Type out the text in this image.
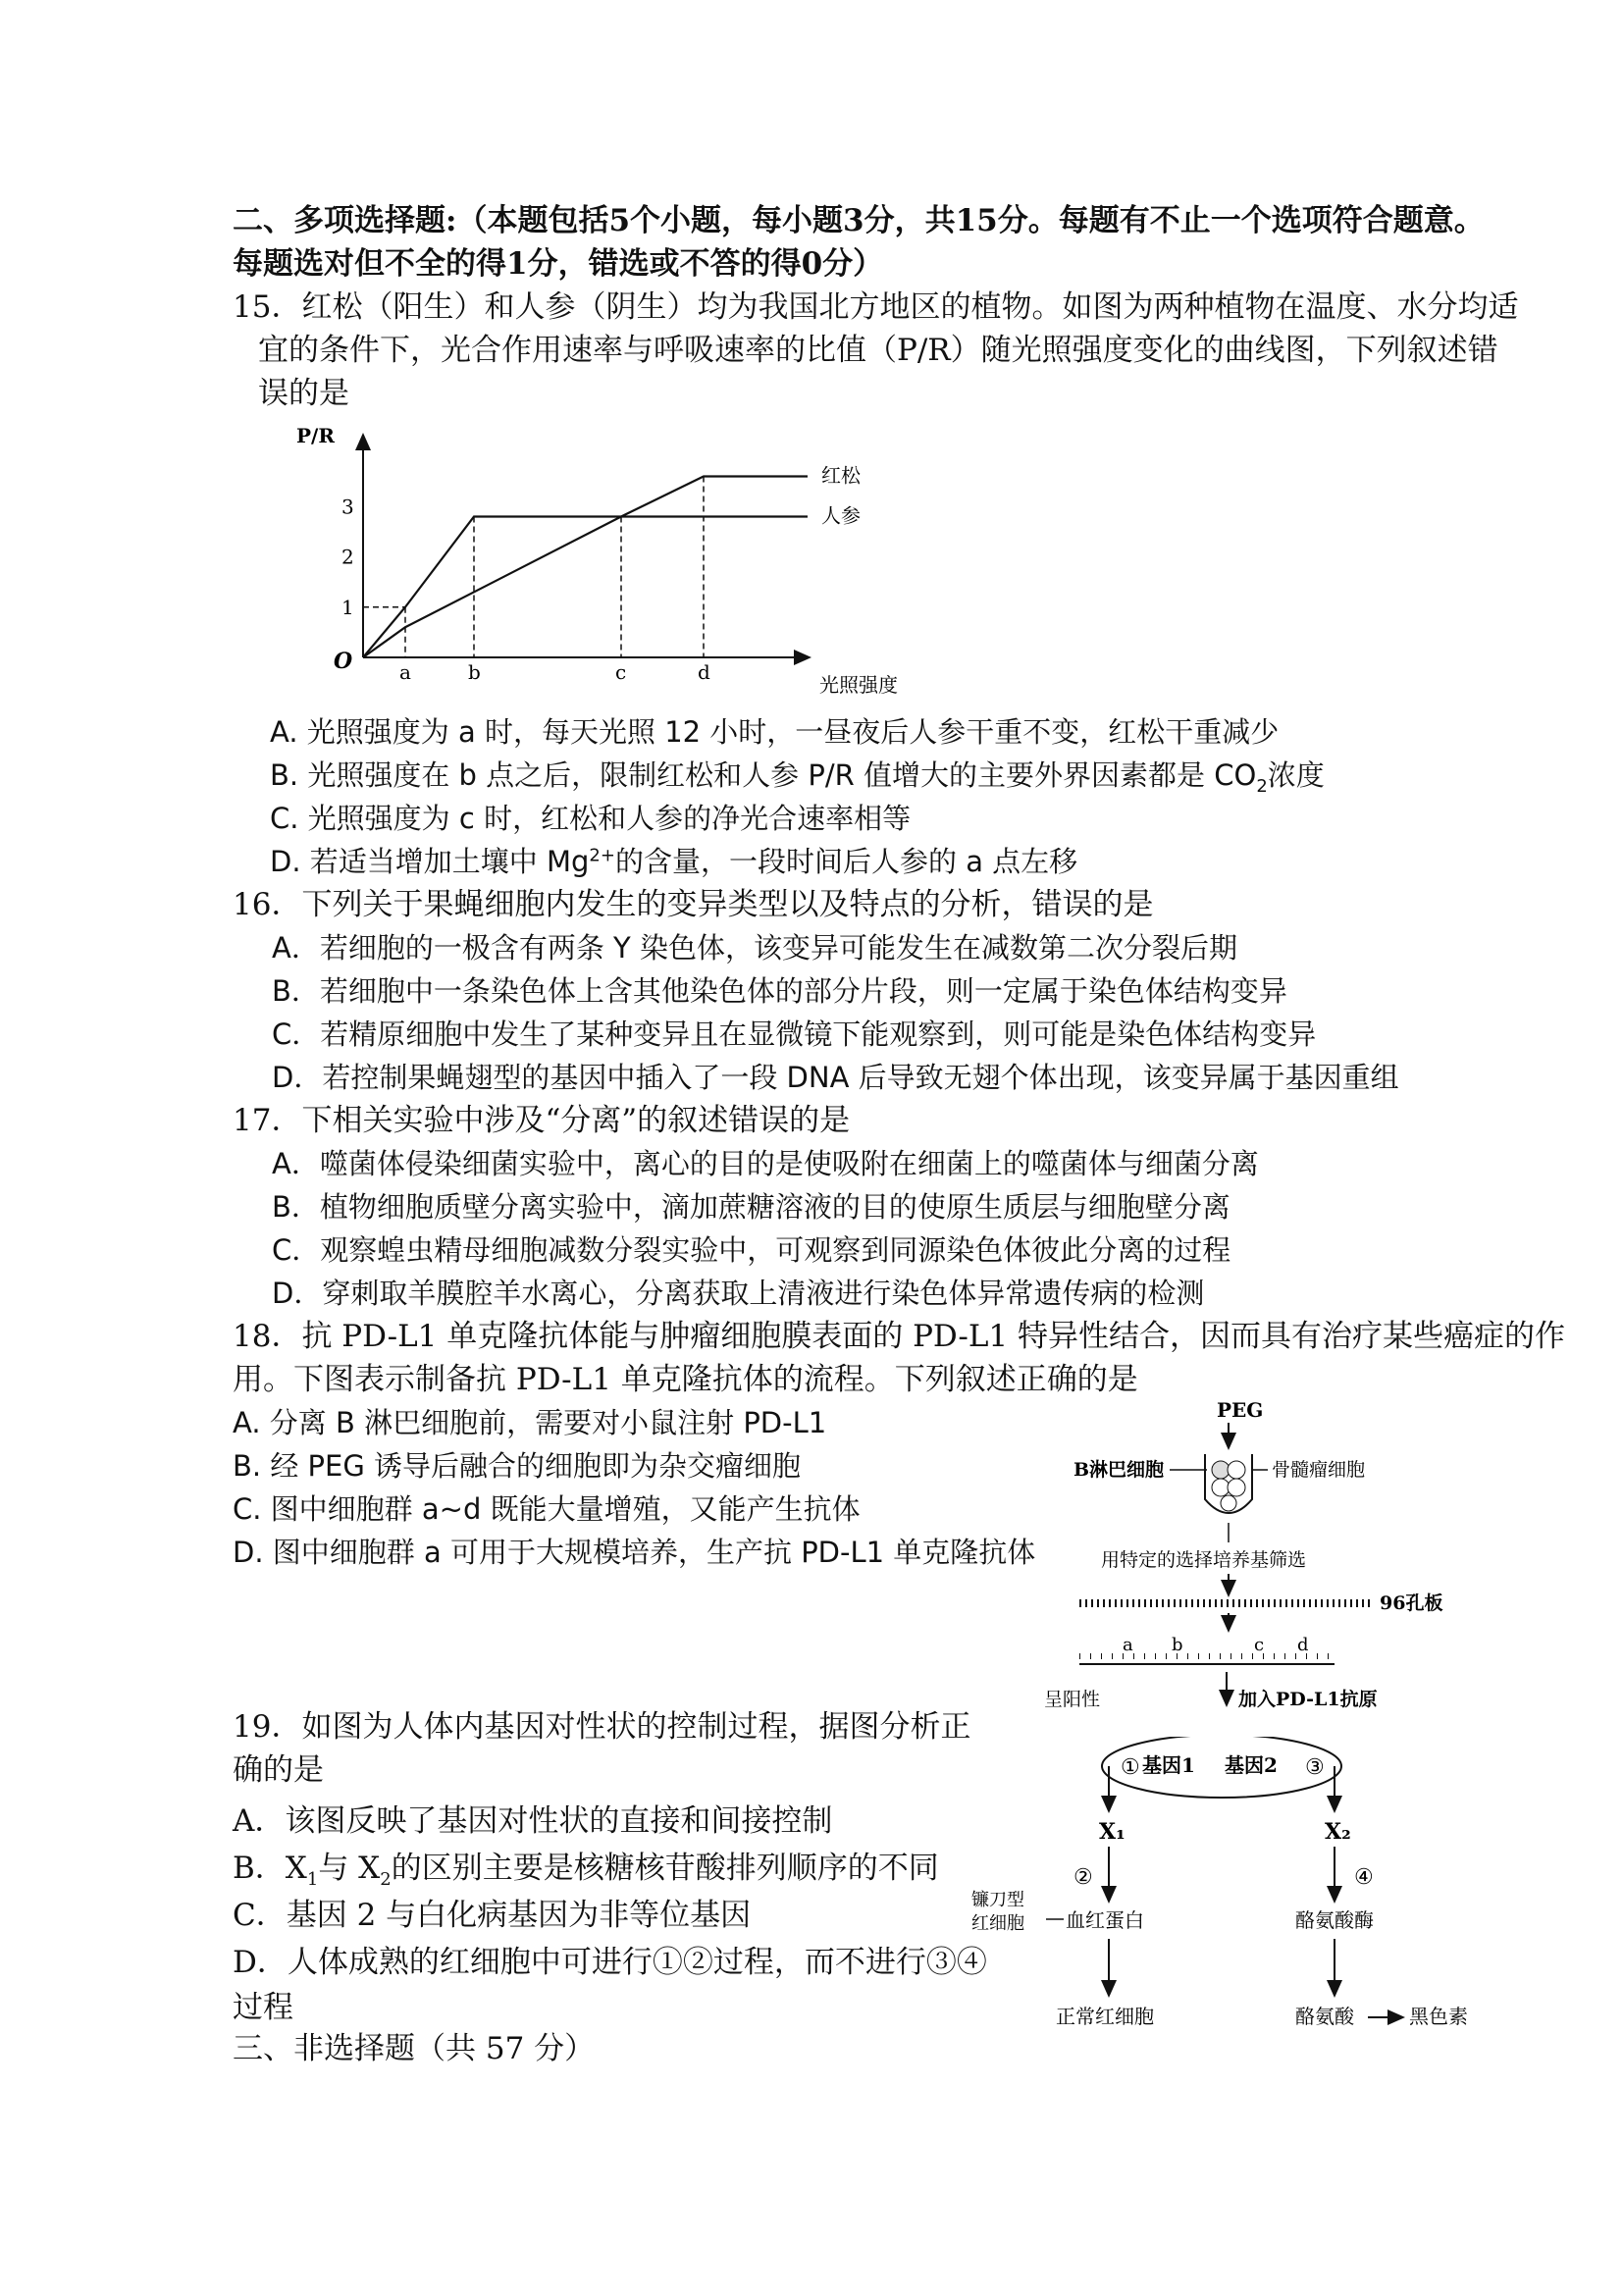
二、多项选择题:（本题包括5个小题，每小题3分，共15分。每题有不止一个选项符合题意。
每题选对但不全的得1分，错选或不答的得0分）
15．红松（阳生）和人参（阴生）均为我国北方地区的植物。如图为两种植物在温度、水分均适
宜的条件下，光合作用速率与呼吸速率的比值（P/R）随光照强度变化的曲线图，下列叙述错
误的是
P/R
光照强度
O
1
2
3
a	b	c	d
红松
人参
A. 光照强度为 a 时，每天光照 12 小时，一昼夜后人参干重不变，红松干重减少
B. 光照强度在 b 点之后，限制红松和人参 P/R 值增大的主要外界因素都是 $CO_2$浓度
C. 光照强度为 c 时，红松和人参的净光合速率相等
D. 若适当增加土壤中 $Mg^{2+}$的含量，一段时间后人参的 a 点左移
16．下列关于果蝇细胞内发生的变异类型以及特点的分析，错误的是
A．若细胞的一极含有两条 Y 染色体，该变异可能发生在减数第二次分裂后期
B．若细胞中一条染色体上含其他染色体的部分片段，则一定属于染色体结构变异
C．若精原细胞中发生了某种变异且在显微镜下能观察到，则可能是染色体结构变异
D．若控制果蝇翅型的基因中插入了一段 DNA 后导致无翅个体出现，该变异属于基因重组
17．下相关实验中涉及“分离”的叙述错误的是
A．噬菌体侵染细菌实验中，离心的目的是使吸附在细菌上的噬菌体与细菌分离
B．植物细胞质壁分离实验中，滴加蔗糖溶液的目的使原生质层与细胞壁分离
C．观察蝗虫精母细胞减数分裂实验中，可观察到同源染色体彼此分离的过程
D．穿刺取羊膜腔羊水离心，分离获取上清液进行染色体异常遗传病的检测
18．抗 PD-L1 单克隆抗体能与肿瘤细胞膜表面的 PD-L1 特异性结合，因而具有治疗某些癌症的作
用。下图表示制备抗 PD-L1 单克隆抗体的流程。下列叙述正确的是
A. 分离 B 淋巴细胞前，需要对小鼠注射 PD-L1
B. 经 PEG 诱导后融合的细胞即为杂交瘤细胞
C. 图中细胞群 a~d 既能大量增殖，又能产生抗体
D. 图中细胞群 a 可用于大规模培养，生产抗 PD-L1 单克隆抗体
PEG
B淋巴细胞	骨髓瘤细胞
用特定的选择培养基筛选
96孔板
a b	c d
呈阳性	加入PD-L1抗原
19．如图为人体内基因对性状的控制过程，据图分析正
确的是
A．该图反映了基因对性状的直接和间接控制
B．$X_1$与 $X_2$的区别主要是核糖核苷酸排列顺序的不同
C．基因 2 与白化病基因为非等位基因
D．人体成熟的红细胞中可进行①②过程，而不进行③④
过程
① 基因1 基因2 ③
X₁	X₂
②	④
镰刀型
红细胞 血红蛋白	酪氨酸酶
正常红细胞	酪氨酸	黑色素
三、非选择题（共 57 分）
